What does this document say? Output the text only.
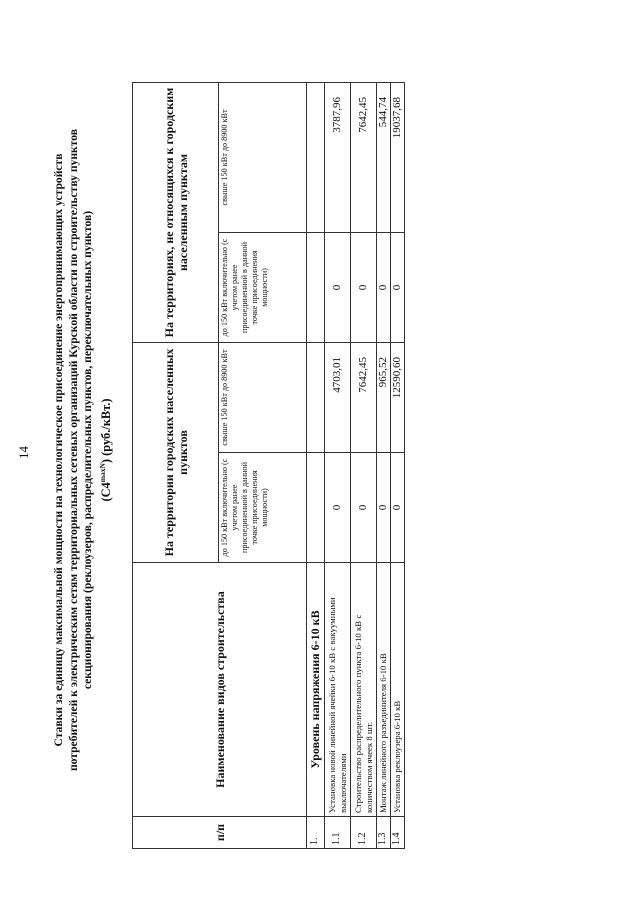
14 Ставки за единицу максимальной мощности на технологическое присоединение энергопринимающих устройств потребителей к электрическим сетям территориальных сетевых организаций Курской области по строительству пунктов секционирования (реклоузеров, распределительных пунктов, переключательных пунктов) $(C4^{maxN})$ (руб./кВт.)
п/п	Наименование видов строительства	На территории городских населенных пунктов		На территориях, не относящихся к городским населенным пунктам	
		до 150 кВт включительно (с учетом ранее присоединенной в данной точке присоединения мощности)	свыше 150 кВт до 8900 кВт	до 150 кВт включительно (с учетом ранее присоединенной в данной точке присоединения мощности)	свыше 150 кВт до 8900 кВт
1.	Уровень напряжения 6-10 кВ				
1.1	Установка новой линейной ячейки 6-10 кВ с вакуумными выключателями	0	4703,01	0	3787,96
1.2	Строительство распределительного пункта 6-10 кВ с количеством ячеек 8 шт.	0	7642,45	0	7642,45
1.3	Монтаж линейного разъединителя 6-10 кВ	0	965,52	0	544,74
1.4	Установка реклоузера 6-10 кВ	0	12590,60	0	19037,68
